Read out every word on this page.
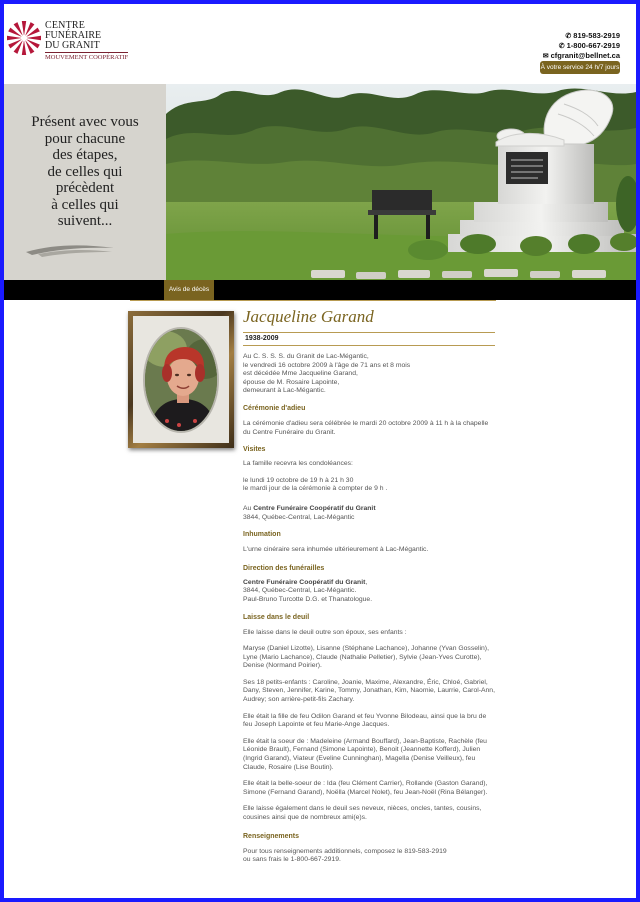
CENTRE
FUNÉRAIRE
DU GRANIT
MOUVEMENT COOPÉRATIF
✆ 819-583-2919
✆ 1-800-667-2919
✉ cfgranit@bellnet.ca
À votre service 24 h/7 jours
Présent avec vous
pour chacune
des étapes,
de celles qui
précèdent
à celles qui
suivent...
Avis de décès
Jacqueline Garand
1938-2009
Au C. S. S. S. du Granit de Lac-Mégantic,
le vendredi 16 octobre 2009 à l'âge de 71 ans et 8 mois
est décédée Mme Jacqueline Garand,
épouse de M. Rosaire Lapointe,
demeurant à Lac-Mégantic.
Cérémonie d'adieu
La cérémonie d'adieu sera célébrée le mardi 20 octobre 2009 à 11 h à la chapelle du Centre Funéraire du Granit.
Visites
La famille recevra les condoléances:
le lundi 19 octobre de 19 h à 21 h 30
le mardi jour de la cérémonie à compter de 9 h .
Au Centre Funéraire Coopératif du Granit
3844, Québec-Central, Lac-Mégantic
Inhumation
L'urne cinéraire sera inhumée ultérieurement à Lac-Mégantic.
Direction des funérailles
Centre Funéraire Coopératif du Granit,
3844, Québec-Central, Lac-Mégantic.
Paul-Bruno Turcotte D.G. et Thanatologue.
Laisse dans le deuil
Elle laisse dans le deuil outre son époux, ses enfants :
Maryse (Daniel Lizotte), Lisanne (Stéphane Lachance), Johanne (Yvan Gosselin), Lyne (Mario Lachance), Claude (Nathalie Pelletier), Sylvie (Jean-Yves Curotte), Denise (Normand Poirier).
Ses 18 petits-enfants : Caroline, Joanie, Maxime, Alexandre, Éric, Chloé, Gabriel, Dany, Steven, Jennifer, Karine, Tommy, Jonathan, Kim, Naomie, Laurrie, Carol-Ann, Audrey; son arrière-petit-fils Zachary.
Elle était la fille de feu Odilon Garand et feu Yvonne Bilodeau, ainsi que la bru de feu Joseph Lapointe et feu Marie-Ange Jacques.
Elle était la soeur de : Madeleine (Armand Bouffard), Jean-Baptiste, Rachèle (feu Léonide Brault), Fernand (Simone Lapointe), Benoit (Jeannette Kofferd), Julien (Ingrid Garand), Viateur (Eveline Cunninghan), Magella (Denise Veilleux), feu Claude, Rosaire (Lise Boutin).
Elle était la belle-soeur de : Ida (feu Clément Carrier), Rollande (Gaston Garand), Simone (Fernand Garand), Noëlla (Marcel Nolet), feu Jean-Noël (Rina Bélanger).
Elle laisse également dans le deuil ses neveux, nièces, oncles, tantes, cousins, cousines ainsi que de nombreux ami(e)s.
Renseignements
Pour tous renseignements additionnels, composez le 819-583-2919
ou sans frais le 1-800-667-2919.
